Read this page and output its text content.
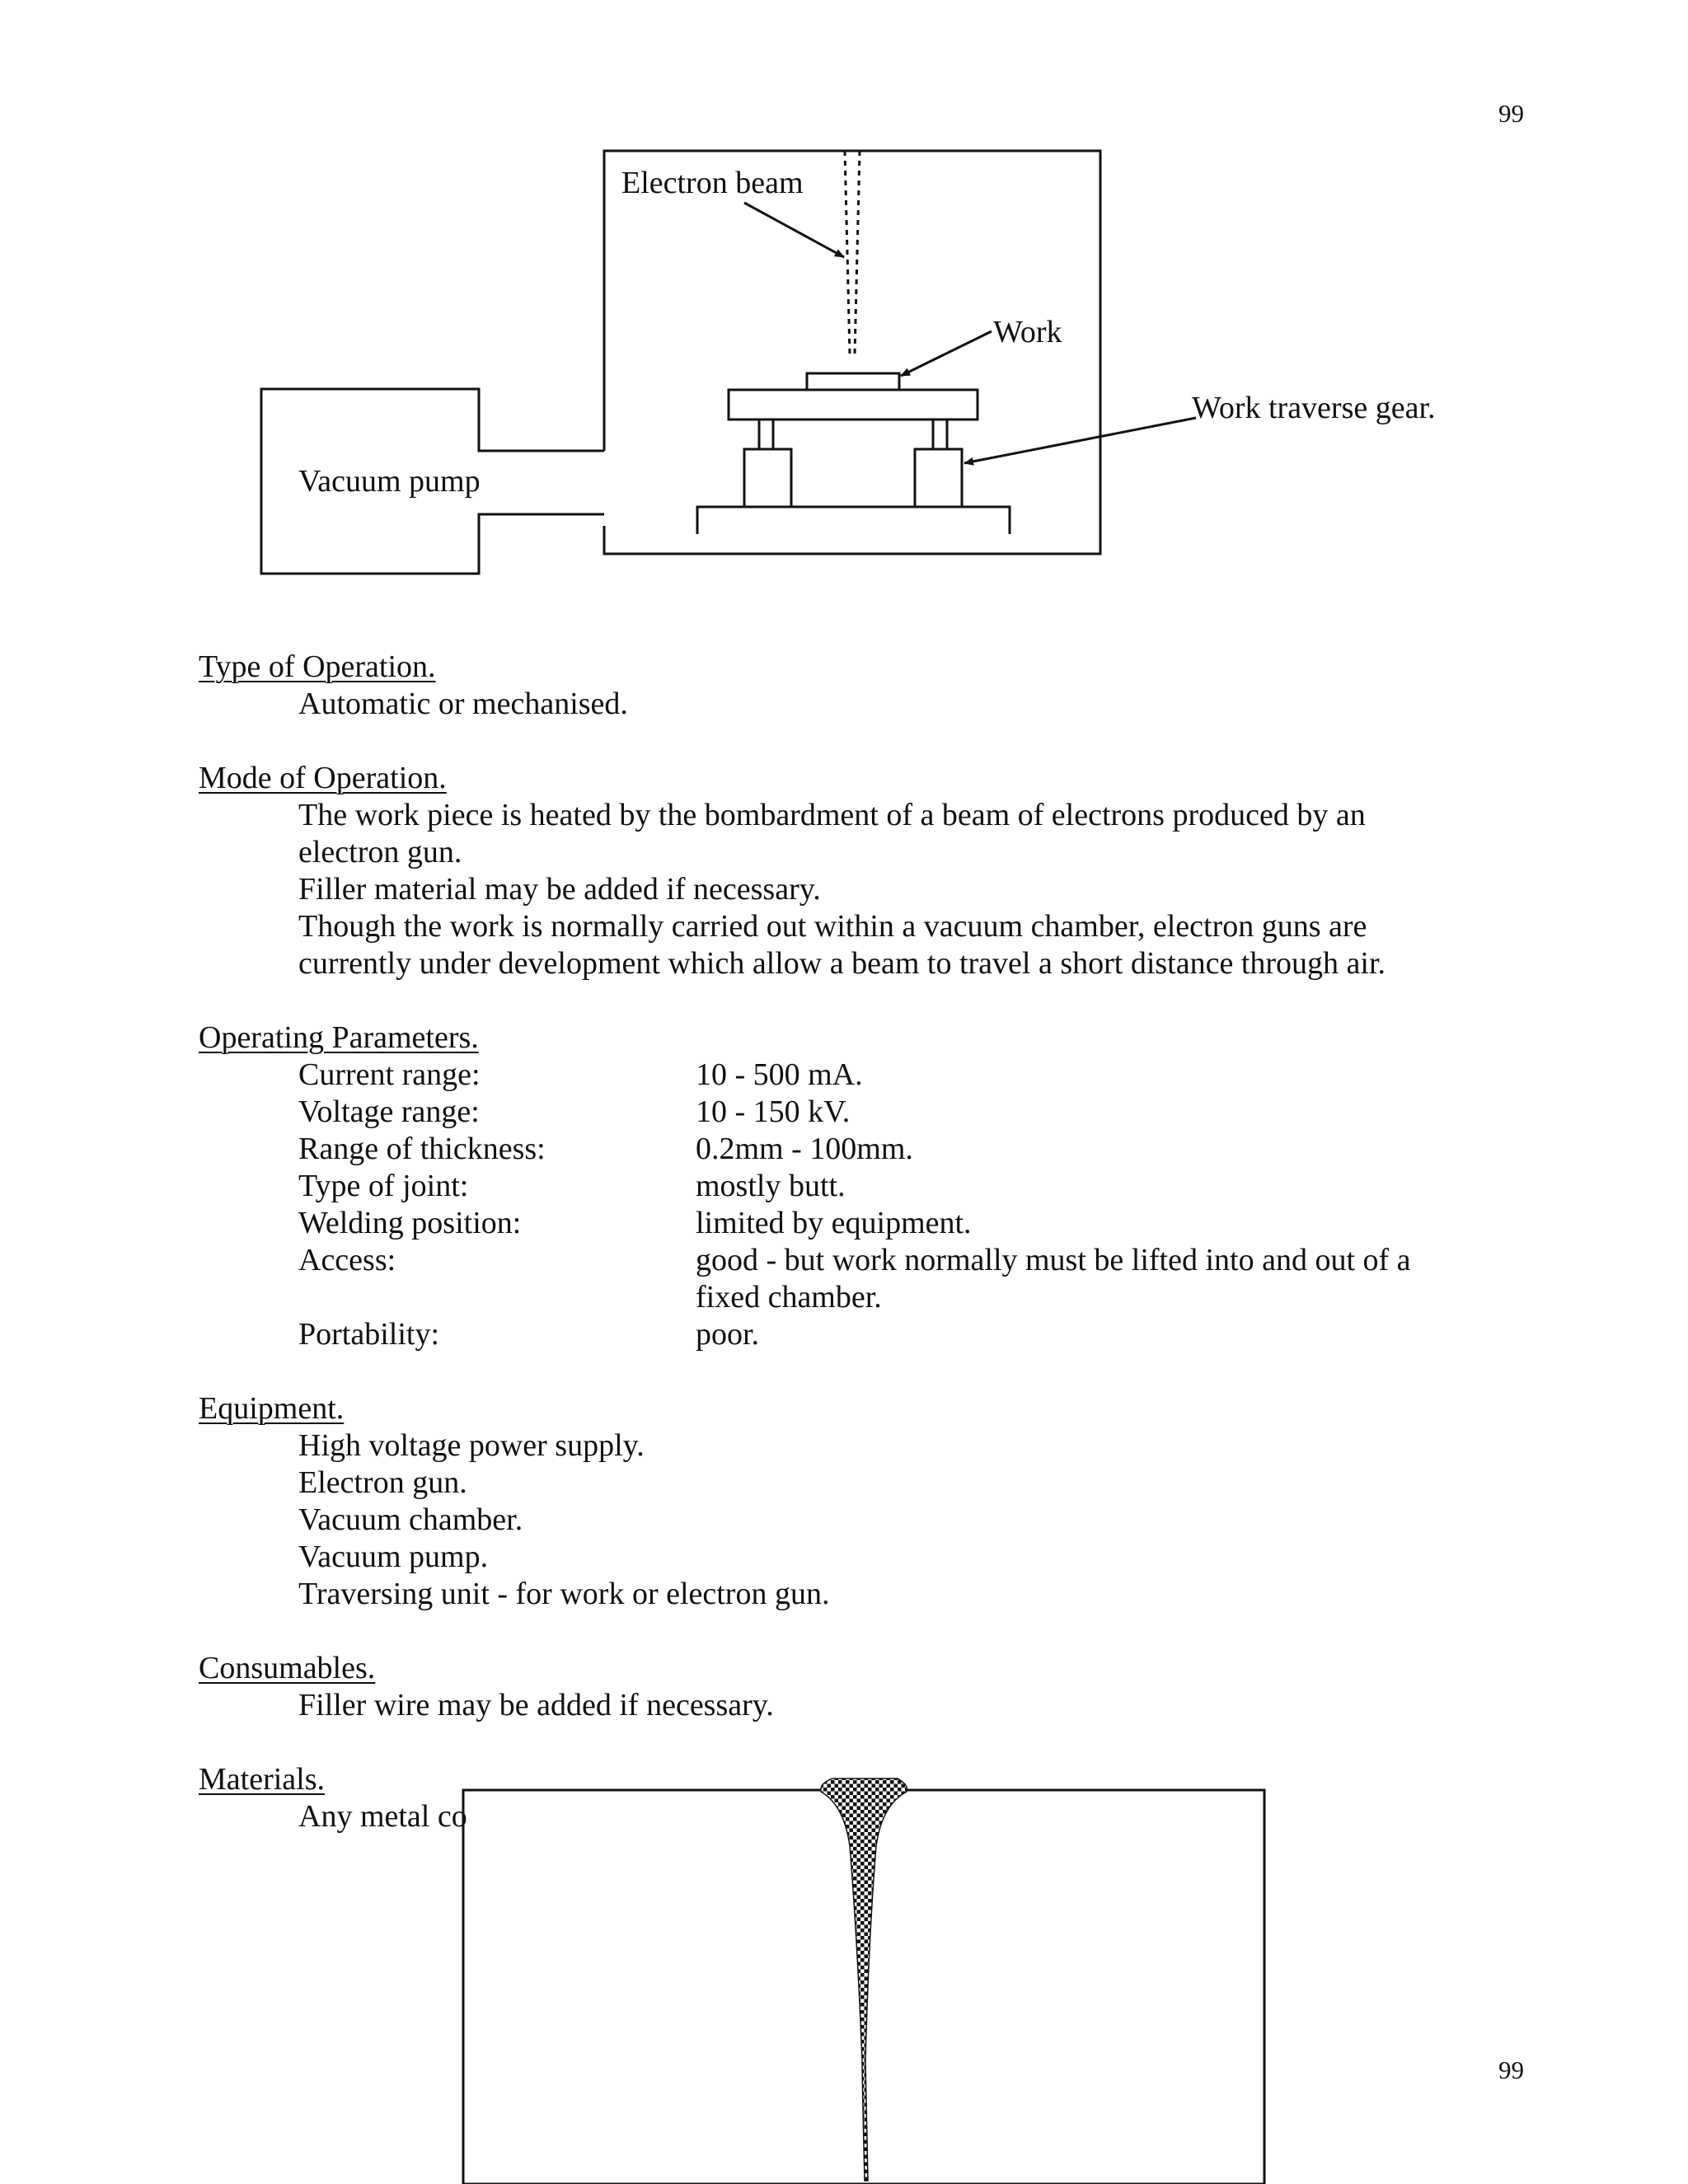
99
99
Electron beam
Work
Work traverse gear.
Vacuum pump
Type of Operation.
Automatic or mechanised.
Mode of Operation.
The work piece is heated by the bombardment of a beam of electrons produced by an
electron gun.
Filler material may be added if necessary.
Though the work is normally carried out within a vacuum chamber, electron guns are
currently under development which allow a beam to travel a short distance through air.
Operating Parameters.
Current range:	10 - 500 mA.
Voltage range:	10 - 150 kV.
Range of thickness:	0.2mm - 100mm.
Type of joint:	mostly butt.
Welding position:	limited by equipment.
Access:	good - but work normally must be lifted into and out of a
fixed chamber.
Portability:	poor.
Equipment.
High voltage power supply.
Electron gun.
Vacuum chamber.
Vacuum pump.
Traversing unit - for work or electron gun.
Consumables.
Filler wire may be added if necessary.
Materials.
Any metal co
